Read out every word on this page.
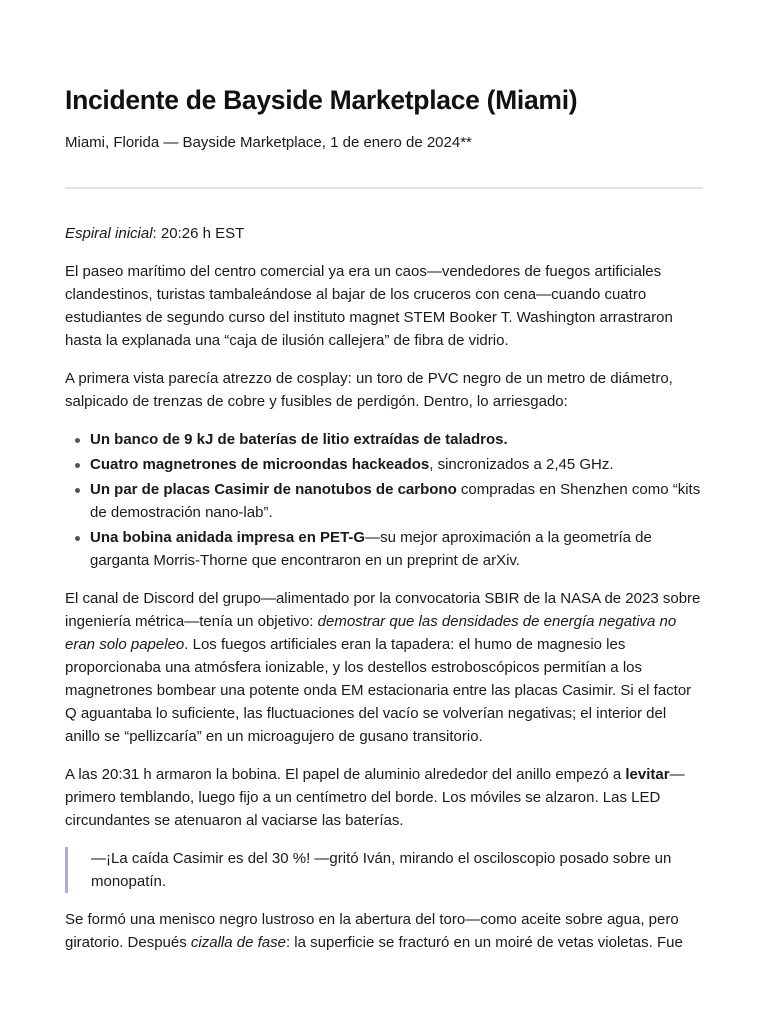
Incidente de Bayside Marketplace (Miami)
Miami, Florida — Bayside Marketplace, 1 de enero de 2024**

Espiral inicial: 20:26 h EST

El paseo marítimo del centro comercial ya era un caos—vendedores de fuegos artificiales clandestinos, turistas tambaleándose al bajar de los cruceros con cena—cuando cuatro estudiantes de segundo curso del instituto magnet STEM Booker T. Washington arrastraron hasta la explanada una “caja de ilusión callejera” de fibra de vidrio.

A primera vista parecía atrezzo de cosplay: un toro de PVC negro de un metro de diámetro, salpicado de trenzas de cobre y fusibles de perdigón. Dentro, lo arriesgado:

Un banco de 9 kJ de baterías de litio extraídas de taladros.
Cuatro magnetrones de microondas hackeados, sincronizados a 2,45 GHz.
Un par de placas Casimir de nanotubos de carbono compradas en Shenzhen como “kits de demostración nano-lab”.
Una bobina anidada impresa en PET-G—su mejor aproximación a la geometría de garganta Morris-Thorne que encontraron en un preprint de arXiv.

El canal de Discord del grupo—alimentado por la convocatoria SBIR de la NASA de 2023 sobre ingeniería métrica—tenía un objetivo: demostrar que las densidades de energía negativa no eran solo papeleo. Los fuegos artificiales eran la tapadera: el humo de magnesio les proporcionaba una atmósfera ionizable, y los destellos estroboscópicos permitían a los magnetrones bombear una potente onda EM estacionaria entre las placas Casimir. Si el factor Q aguantaba lo suficiente, las fluctuaciones del vacío se volverían negativas; el interior del anillo se “pellizcaría” en un microagujero de gusano transitorio.

A las 20:31 h armaron la bobina. El papel de aluminio alrededor del anillo empezó a levitar—primero temblando, luego fijo a un centímetro del borde. Los móviles se alzaron. Las LED circundantes se atenuaron al vaciarse las baterías.

—¡La caída Casimir es del 30 %! —gritó Iván, mirando el osciloscopio posado sobre un monopatín.

Se formó una menisco negro lustroso en la abertura del toro—como aceite sobre agua, pero giratorio. Después cizalla de fase: la superficie se fracturó en un moiré de vetas violetas. Fue
